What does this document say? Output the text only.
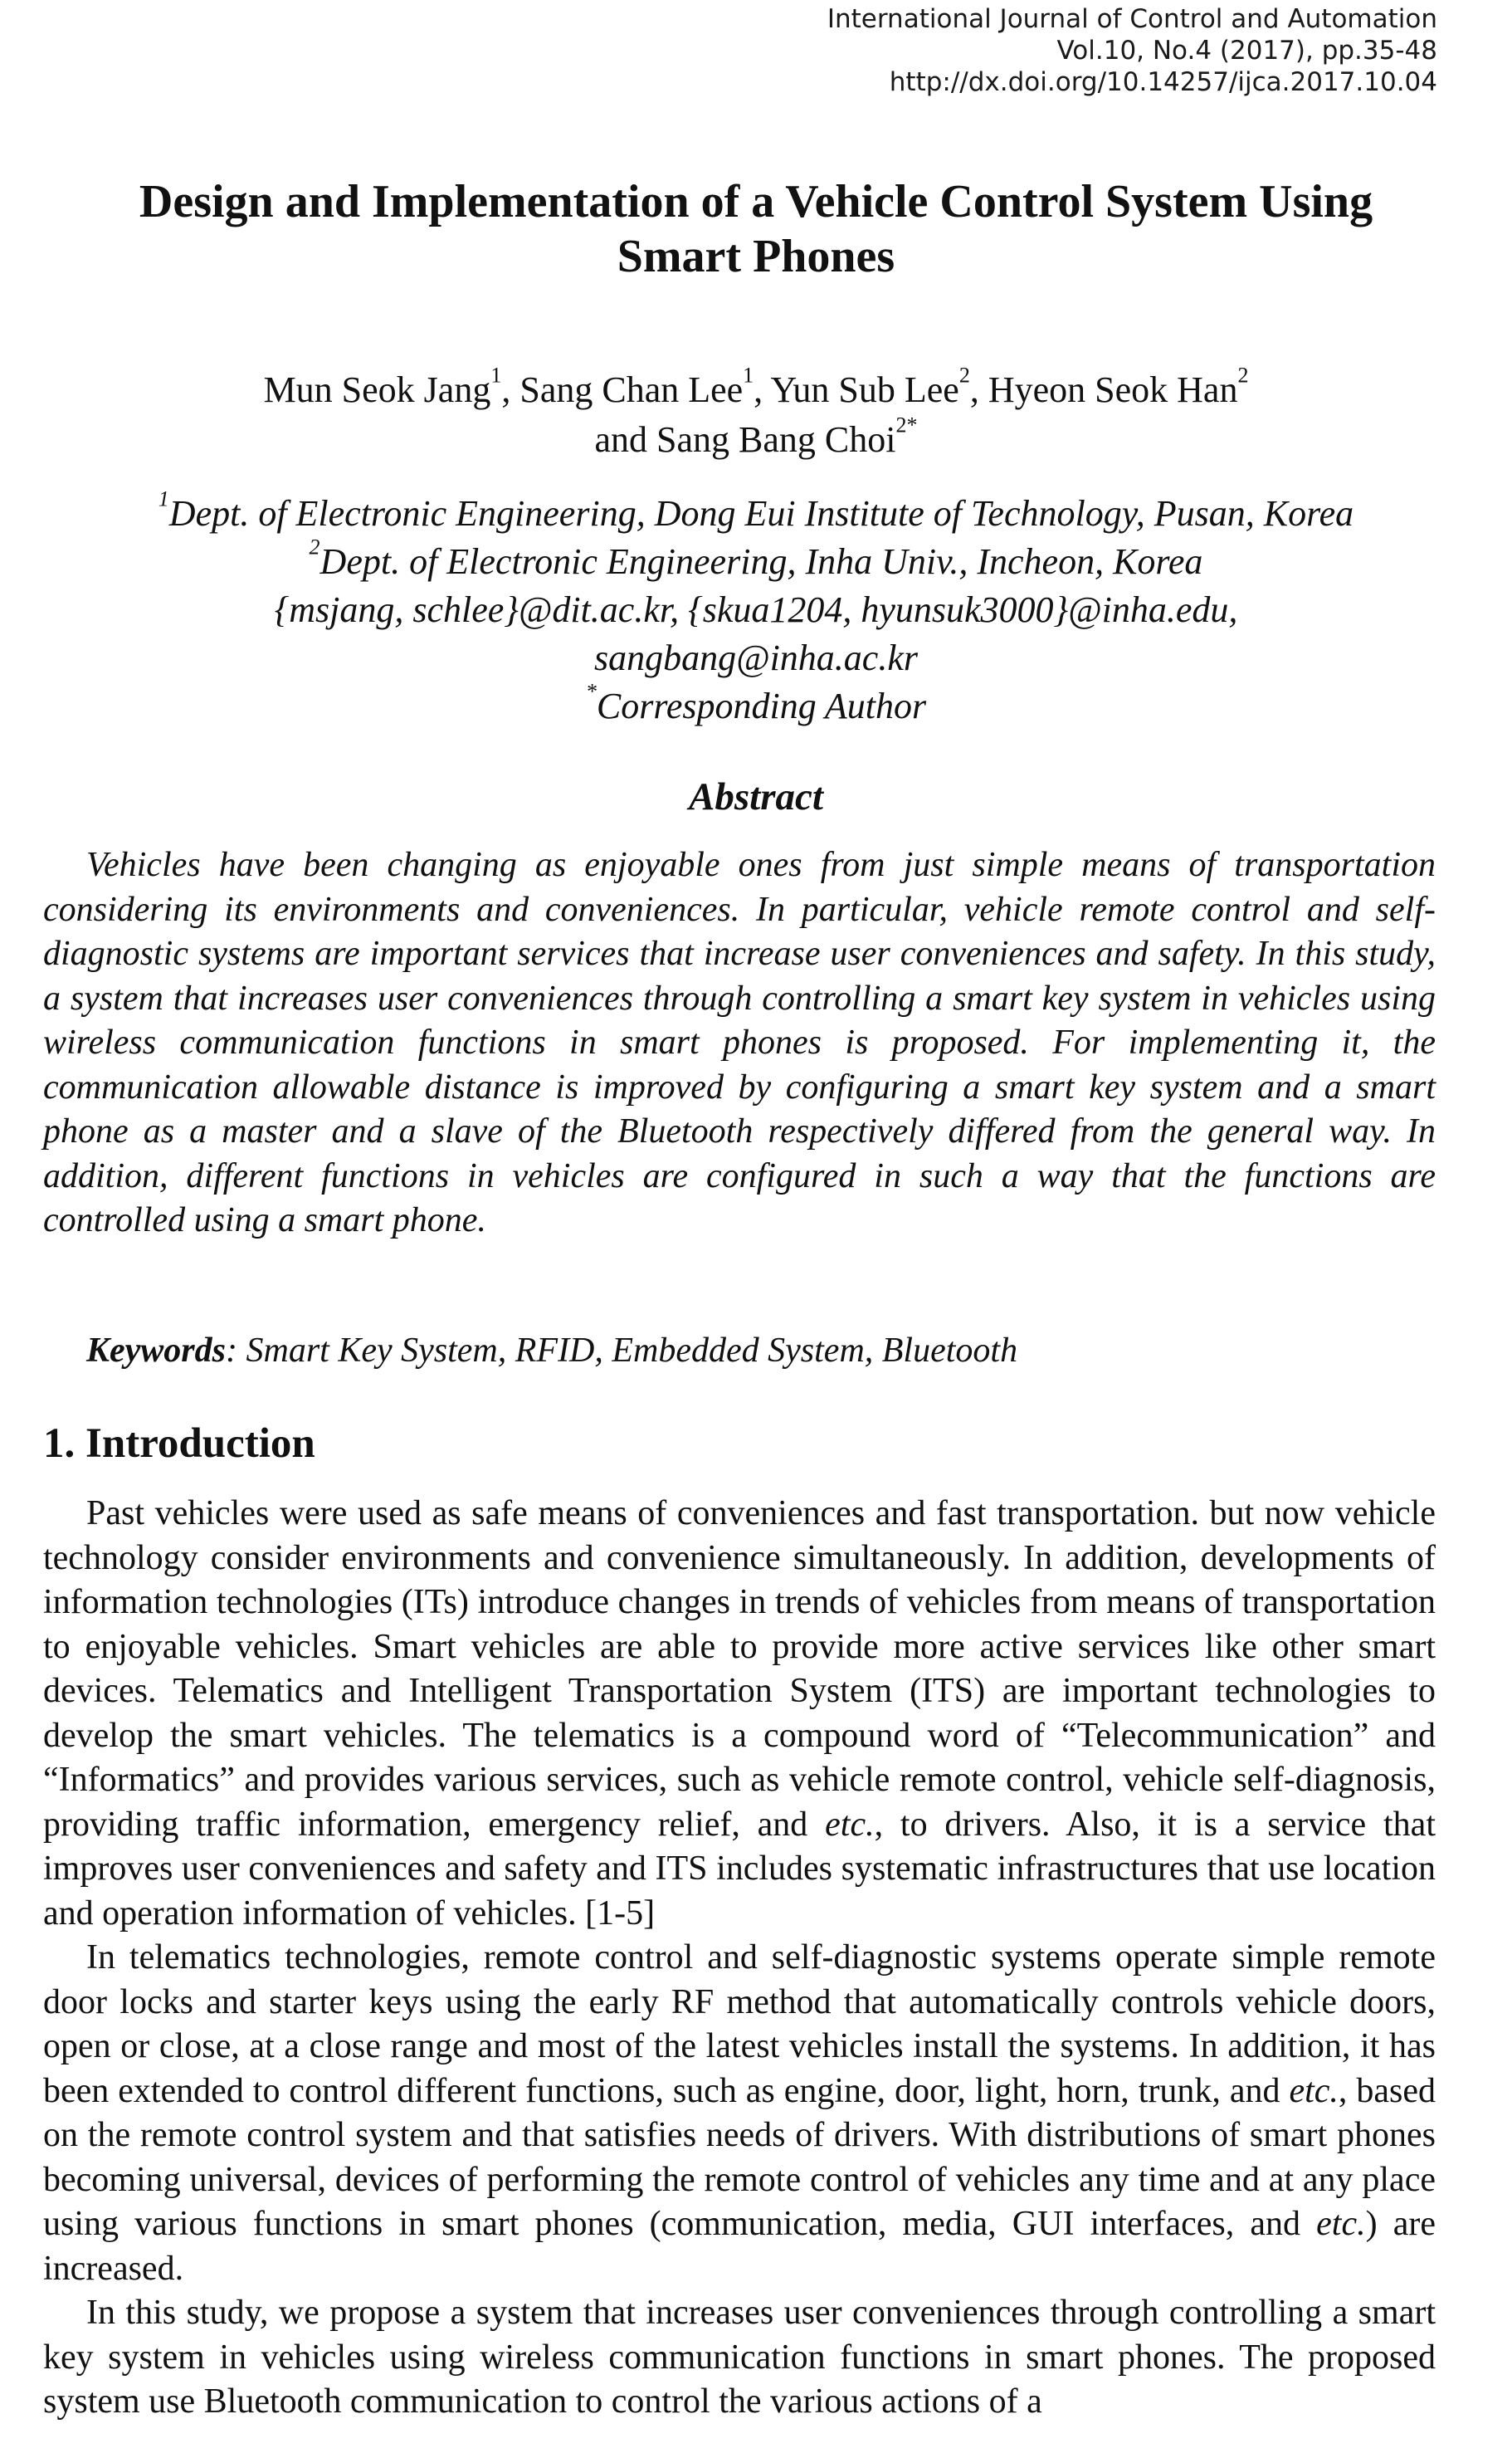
International Journal of Control and Automation
Vol.10, No.4 (2017), pp.35-48
http://dx.doi.org/10.14257/ijca.2017.10.04
Design and Implementation of a Vehicle Control System Using
Smart Phones
Mun Seok Jang$^1$, Sang Chan Lee$^1$, Yun Sub Lee$^2$, Hyeon Seok Han$^2$
and Sang Bang Choi$^{2*}$
$^1$Dept. of Electronic Engineering, Dong Eui Institute of Technology, Pusan, Korea
$^2$Dept. of Electronic Engineering, Inha Univ., Incheon, Korea
{msjang, schlee}@dit.ac.kr, {skua1204, hyunsuk3000}@inha.edu,
sangbang@inha.ac.kr
*Corresponding Author
Abstract
Vehicles have been changing as enjoyable ones from just simple means of transportation considering its environments and conveniences. In particular, vehicle remote control and self-diagnostic systems are important services that increase user conveniences and safety. In this study, a system that increases user conveniences through controlling a smart key system in vehicles using wireless communication functions in smart phones is proposed. For implementing it, the communication allowable distance is improved by configuring a smart key system and a smart phone as a master and a slave of the Bluetooth respectively differed from the general way. In addition, different functions in vehicles are configured in such a way that the functions are controlled using a smart phone.
Keywords: Smart Key System, RFID, Embedded System, Bluetooth
1. Introduction

Past vehicles were used as safe means of conveniences and fast transportation. but now vehicle technology consider environments and convenience simultaneously. In addition, developments of information technologies (ITs) introduce changes in trends of vehicles from means of transportation to enjoyable vehicles. Smart vehicles are able to provide more active services like other smart devices. Telematics and Intelligent Transportation System (ITS) are important technologies to develop the smart vehicles. The telematics is a compound word of “Telecommunication” and “Informatics” and provides various services, such as vehicle remote control, vehicle self-diagnosis, providing traffic information, emergency relief, and etc., to drivers. Also, it is a service that improves user conveniences and safety and ITS includes systematic infrastructures that use location and operation information of vehicles. [1-5]

In telematics technologies, remote control and self-diagnostic systems operate simple remote door locks and starter keys using the early RF method that automatically controls vehicle doors, open or close, at a close range and most of the latest vehicles install the systems. In addition, it has been extended to control different functions, such as engine, door, light, horn, trunk, and etc., based on the remote control system and that satisfies needs of drivers. With distributions of smart phones becoming universal, devices of performing the remote control of vehicles any time and at any place using various functions in smart phones (communication, media, GUI interfaces, and etc.) are increased.

In this study, we propose a system that increases user conveniences through controlling a smart key system in vehicles using wireless communication functions in smart phones. The proposed system use Bluetooth communication to control the various actions of a
